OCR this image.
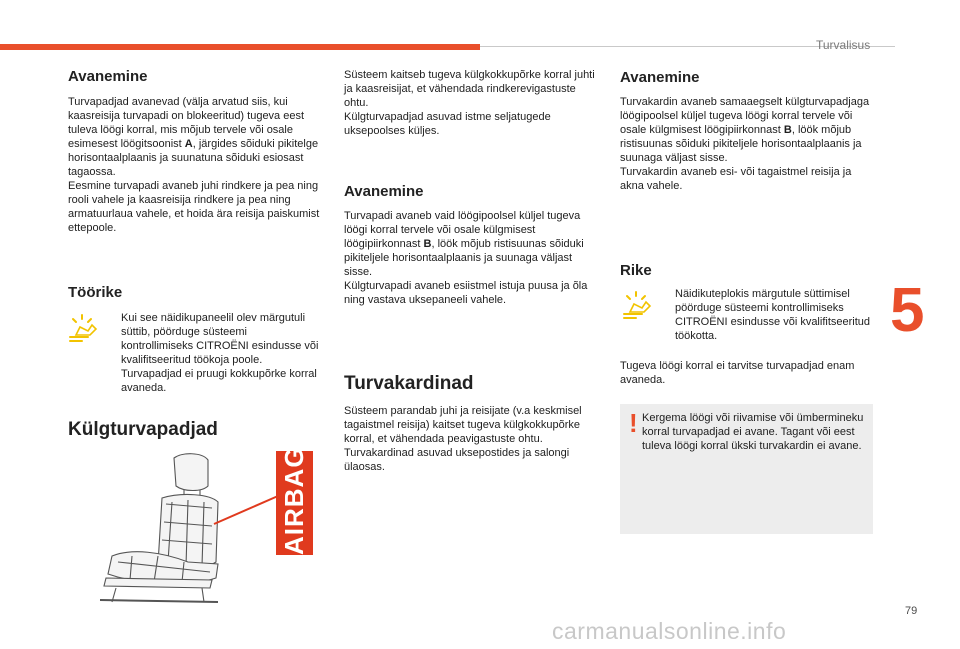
Turvalisus
5
79
carmanualsonline.info
Avanemine

Turvapadjad avanevad (välja arvatud siis, kui kaasreisija turvapadi on blokeeritud) tugeva eest tuleva löögi korral, mis mõjub tervele või osale esimesest löögitsoonist A, järgides sõiduki pikitelge horisontaalplaanis ja suunatuna sõiduki esiosast tagaossa.

Eesmine turvapadi avaneb juhi rindkere ja pea ning rooli vahele ja kaasreisija rindkere ja pea ning armatuurlaua vahele, et hoida ära reisija paiskumist ettepoole.

Töörike
Kui see näidikupaneelil olev märgutuli süttib, pöörduge süsteemi kontrollimiseks CITROËNI esindusse või kvalifitseeritud töökoja poole. Turvapadjad ei pruugi kokkupõrke korral avaneda.
Külgturvapadjad
AIRBAG

Süsteem kaitseb tugeva külgkokkupõrke korral juhti ja kaasreisijat, et vähendada rindkerevigastuste ohtu.

Külgturvapadjad asuvad istme seljatugede uksepoolses külјes.

Avanemine

Turvapadi avaneb vaid löögipoolsel küljel tugeva löögi korral tervele või osale külgmisest löögipiirkonnast B, löök mõjub ristisuunas sõiduki pikiteljele horisontaalplaanis ja suunaga väljast sisse.

Külgturvapadi avaneb esiistmel istuja puusa ja õla ning vastava uksepaneeli vahele.

Turvakardinad

Süsteem parandab juhi ja reisijate (v.a keskmisel tagaistmel reisija) kaitset tugeva külgkokkupõrke korral, et vähendada peavigastuste ohtu.

Turvakardinad asuvad uksepostides ja salongi ülaosas.

Avanemine

Turvakardin avaneb samaaegselt külgturvapadjaga löögipoolsel küljel tugeva löögi korral tervele või osale külgmisest löögipiirkonnast B, löök mõjub ristisuunas sõiduki pikiteljele horisontaalplaanis ja suunaga väljast sisse.

Turvakardin avaneb esi- või tagaistmel reisija ja akna vahele.

Rike
Näidikuteplokis märgutule süttimisel pöörduge süsteemi kontrollimiseks CITROËNI esindusse või kvalifitseeritud töökotta.
Tugeva löögi korral ei tarvitse turvapadjad enam avaneda.
! Kergema löögi või riivamise või ümbermineku korral turvapadjad ei avane. Tagant või eest tuleva löögi korral ükski turvakardin ei avane.
